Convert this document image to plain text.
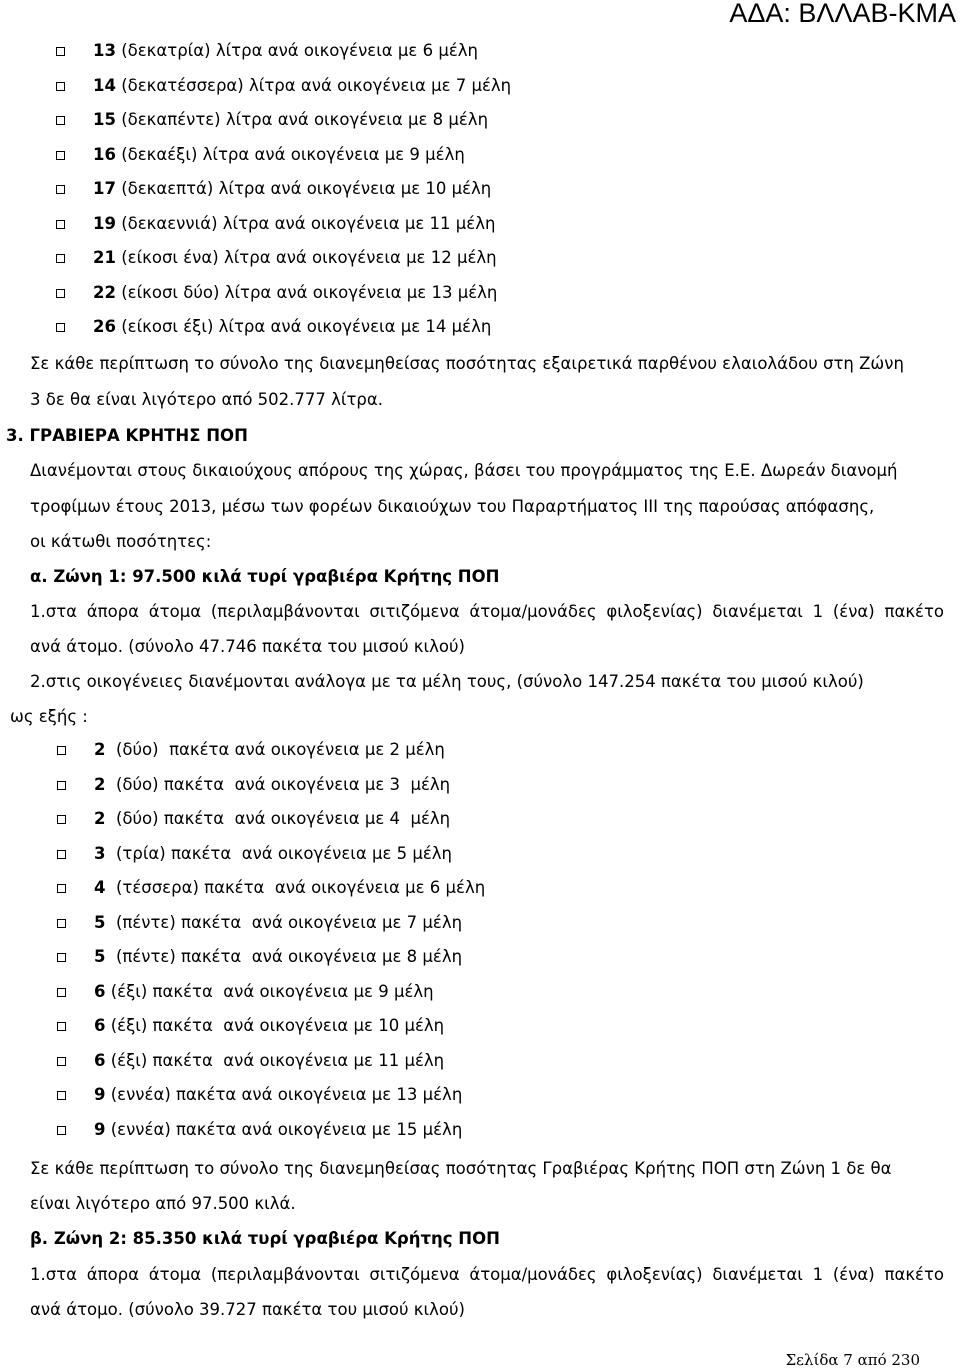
ΑΔΑ: ΒΛΛΑΒ-ΚΜΑ
13 (δεκατρία) λίτρα ανά οικογένεια με 6 μέλη
14 (δεκατέσσερα) λίτρα ανά οικογένεια με 7 μέλη
15 (δεκαπέντε) λίτρα ανά οικογένεια με 8 μέλη
16 (δεκαέξι) λίτρα ανά οικογένεια με 9 μέλη
17 (δεκαεπτά) λίτρα ανά οικογένεια με 10 μέλη
19 (δεκαεννιά) λίτρα ανά οικογένεια με 11 μέλη
21 (είκοσι ένα) λίτρα ανά οικογένεια με 12 μέλη
22 (είκοσι δύο) λίτρα ανά οικογένεια με 13 μέλη
26 (είκοσι έξι) λίτρα ανά οικογένεια με 14 μέλη
Σε κάθε περίπτωση το σύνολο της διανεμηθείσας ποσότητας εξαιρετικά παρθένου ελαιολάδου στη Ζώνη
3 δε θα είναι λιγότερο από 502.777 λίτρα.
3. ΓΡΑΒΙΕΡΑ ΚΡΗΤΗΣ ΠΟΠ
Διανέμονται στους δικαιούχους απόρους της χώρας, βάσει του προγράμματος της Ε.Ε. Δωρεάν διανομή
τροφίμων έτους 2013, μέσω των φορέων δικαιούχων του Παραρτήματος ΙΙΙ της παρούσας απόφασης,
οι κάτωθι ποσότητες:
α. Ζώνη 1: 97.500 κιλά τυρί γραβιέρα Κρήτης ΠΟΠ
1.στα άπορα άτομα (περιλαμβάνονται σιτιζόμενα άτομα/μονάδες φιλοξενίας) διανέμεται 1 (ένα) πακέτο
ανά άτομο. (σύνολο 47.746 πακέτα του μισού κιλού)
2.στις οικογένειες διανέμονται ανάλογα με τα μέλη τους, (σύνολο 147.254 πακέτα του μισού κιλού)
ως εξής :
2  (δύο)  πακέτα ανά οικογένεια με 2 μέλη
2  (δύο) πακέτα  ανά οικογένεια με 3  μέλη
2  (δύο) πακέτα  ανά οικογένεια με 4  μέλη
3  (τρία) πακέτα  ανά οικογένεια με 5 μέλη
4  (τέσσερα) πακέτα  ανά οικογένεια με 6 μέλη
5  (πέντε) πακέτα  ανά οικογένεια με 7 μέλη
5  (πέντε) πακέτα  ανά οικογένεια με 8 μέλη
6 (έξι) πακέτα  ανά οικογένεια με 9 μέλη
6 (έξι) πακέτα  ανά οικογένεια με 10 μέλη
6 (έξι) πακέτα  ανά οικογένεια με 11 μέλη
9 (εννέα) πακέτα ανά οικογένεια με 13 μέλη
9 (εννέα) πακέτα ανά οικογένεια με 15 μέλη
Σε κάθε περίπτωση το σύνολο της διανεμηθείσας ποσότητας Γραβιέρας Κρήτης ΠΟΠ στη Ζώνη 1 δε θα
είναι λιγότερο από 97.500 κιλά.
β. Ζώνη 2: 85.350 κιλά τυρί γραβιέρα Κρήτης ΠΟΠ
1.στα άπορα άτομα (περιλαμβάνονται σιτιζόμενα άτομα/μονάδες φιλοξενίας) διανέμεται 1 (ένα) πακέτο
ανά άτομο. (σύνολο 39.727 πακέτα του μισού κιλού)
Σελίδα 7 από 230
